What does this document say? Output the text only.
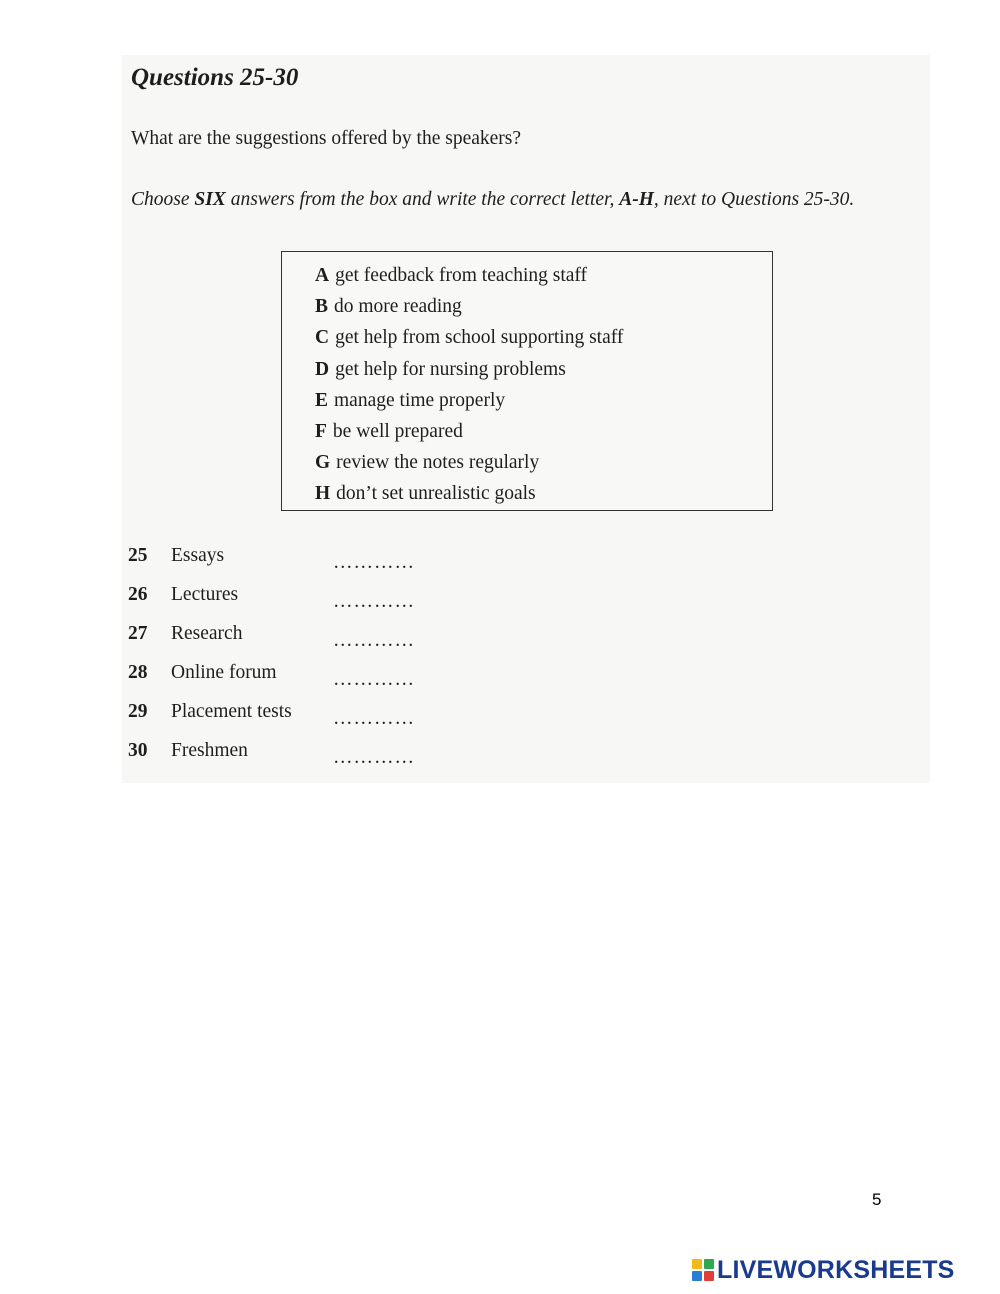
Questions 25-30
What are the suggestions offered by the speakers?
Choose SIX answers from the box and write the correct letter, A-H, next to Questions 25-30.
A get feedback from teaching staff
B do more reading
C get help from school supporting staff
D get help for nursing problems
E manage time properly
F be well prepared
G review the notes regularly
H don’t set unrealistic goals
25 Essays	…………
26 Lectures	…………
27 Research	…………
28 Online forum	…………
29 Placement tests …………
30 Freshmen	…………
5
LIVEWORKSHEETS
